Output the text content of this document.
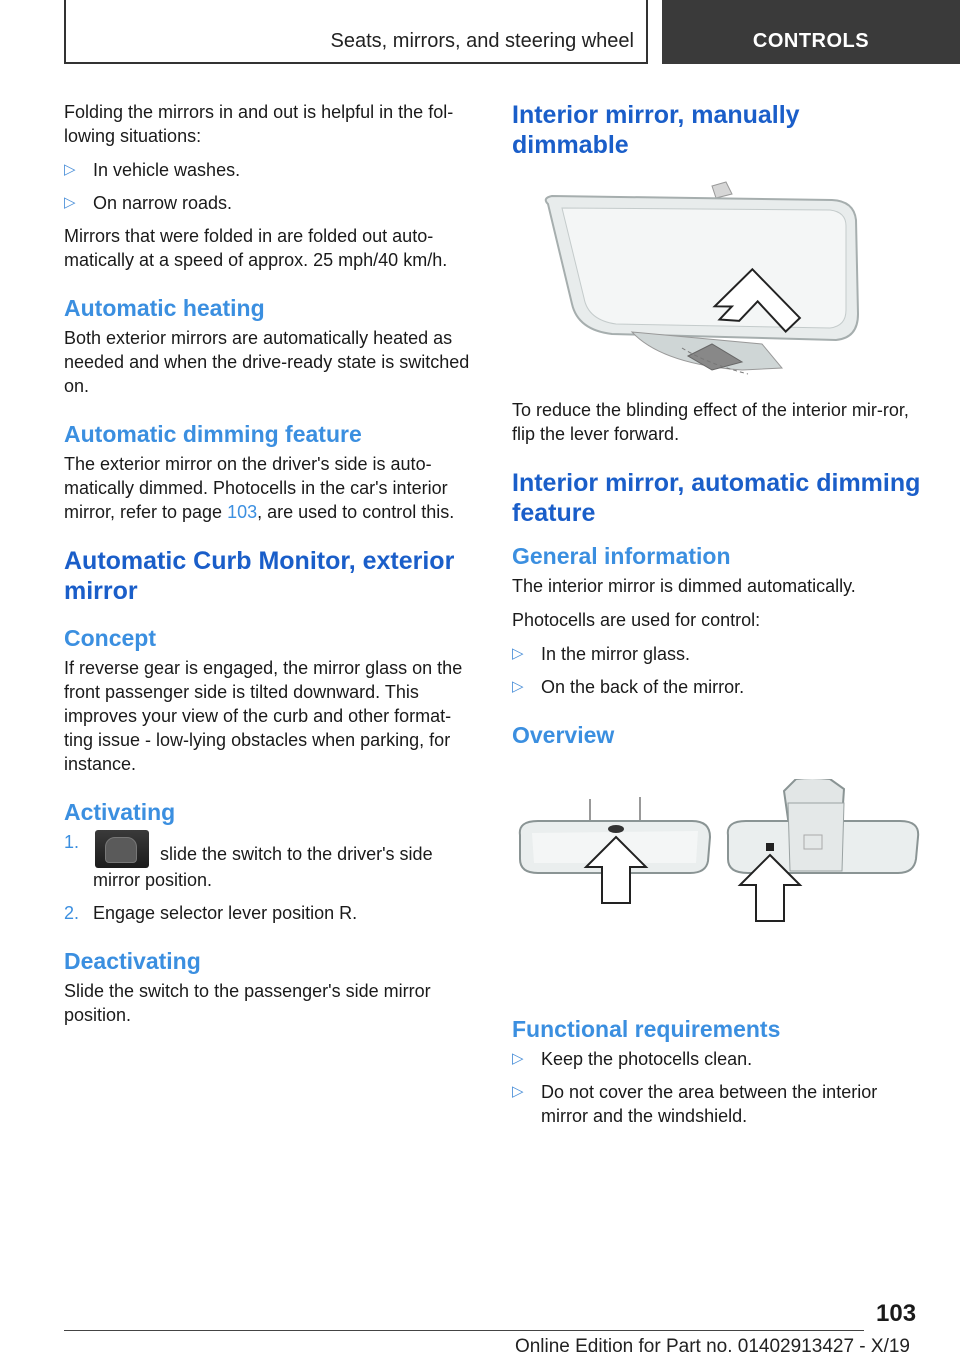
Seats, mirrors, and steering wheel	CONTROLS

Folding the mirrors in and out is helpful in the fol‐lowing situations:

▷ In vehicle washes.
▷ On narrow roads.

Mirrors that were folded in are folded out auto‐matically at a speed of approx. 25 mph/40 km/h.

Automatic heating

Both exterior mirrors are automatically heated as needed and when the drive-ready state is switched on.

Automatic dimming feature

The exterior mirror on the driver's side is auto‐matically dimmed. Photocells in the car's interior mirror, refer to page 103, are used to control this.

Automatic Curb Monitor, exterior mirror
Concept

If reverse gear is engaged, the mirror glass on the front passenger side is tilted downward. This improves your view of the curb and other format‐ting issue - low-lying obstacles when parking, for instance.

Activating
1.
slide the switch to the driver's side mirror position.
2. Engage selector lever position R.
Deactivating

Slide the switch to the passenger's side mirror position.

Interior mirror, manually dimmable

To reduce the blinding effect of the interior mir‐ror, flip the lever forward.

Interior mirror, automatic dimming feature
General information

The interior mirror is dimmed automatically.

Photocells are used for control:

▷ In the mirror glass.
▷ On the back of the mirror.
Overview
Functional requirements
▷ Keep the photocells clean.
▷ Do not cover the area between the interior mirror and the windshield.
103
Online Edition for Part no. 01402913427 - X/19
